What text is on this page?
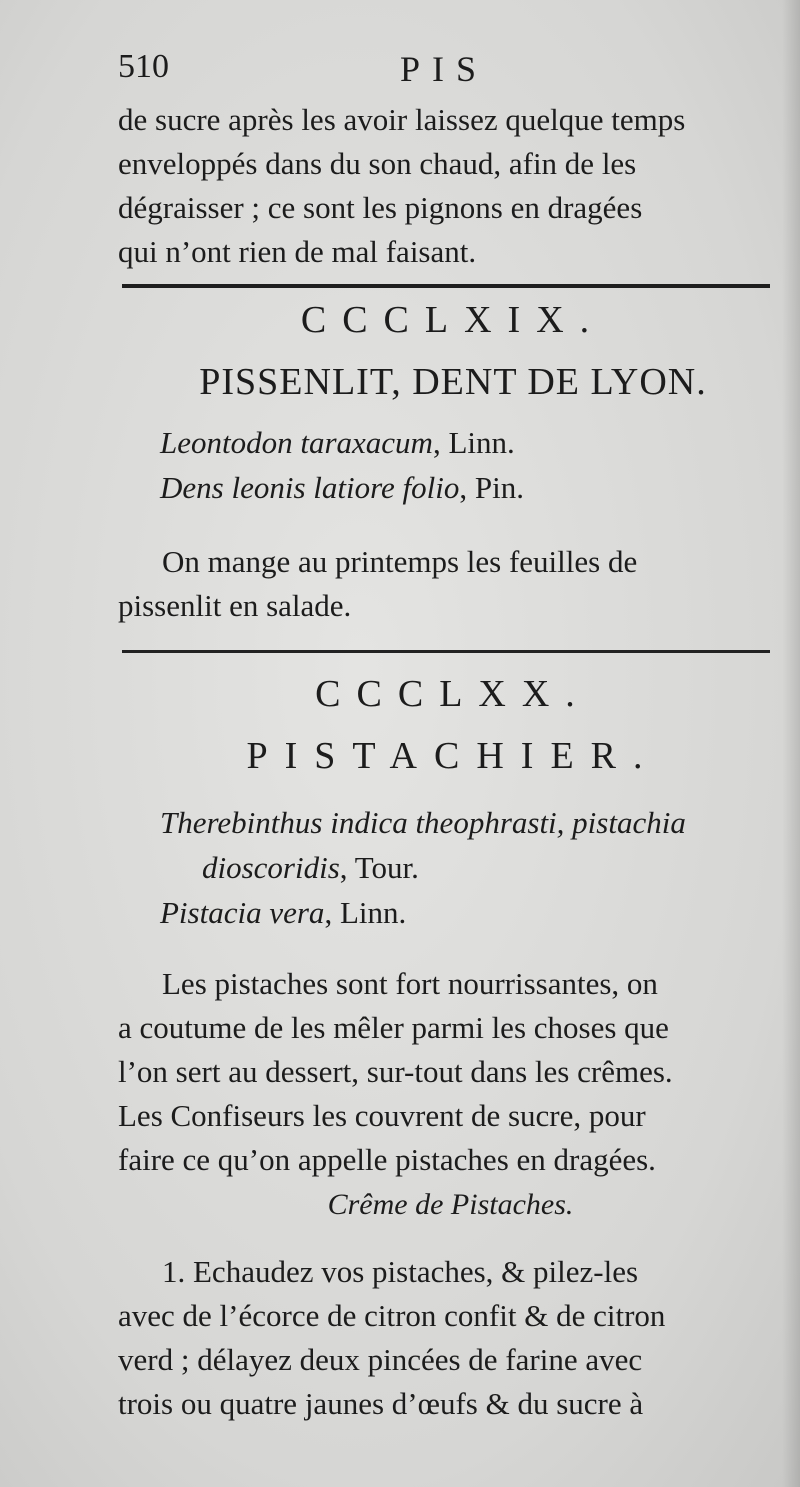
510	PIS
de sucre après les avoir laissez quelque temps
enveloppés dans du son chaud, afin de les
dégraisser ; ce sont les pignons en dragées
qui n’ont rien de mal faisant.
CCCLXIX.
PISSENLIT, DENT DE LYON.
Leontodon taraxacum, Linn.
Dens leonis latiore folio, Pin.
On mange au printemps les feuilles de
pissenlit en salade.
CCCLXX.
PISTACHIER.
Therebinthus indica theophrasti, pistachia
dioscoridis, Tour.
Pistacia vera, Linn.
Les pistaches sont fort nourrissantes, on
a coutume de les mêler parmi les choses que
l’on sert au dessert, sur-tout dans les crêmes.
Les Confiseurs les couvrent de sucre, pour
faire ce qu’on appelle pistaches en dragées.
Crême de Pistaches.
1. Echaudez vos pistaches, & pilez-les
avec de l’écorce de citron confit & de citron
verd ; délayez deux pincées de farine avec
trois ou quatre jaunes d’œufs & du sucre à
